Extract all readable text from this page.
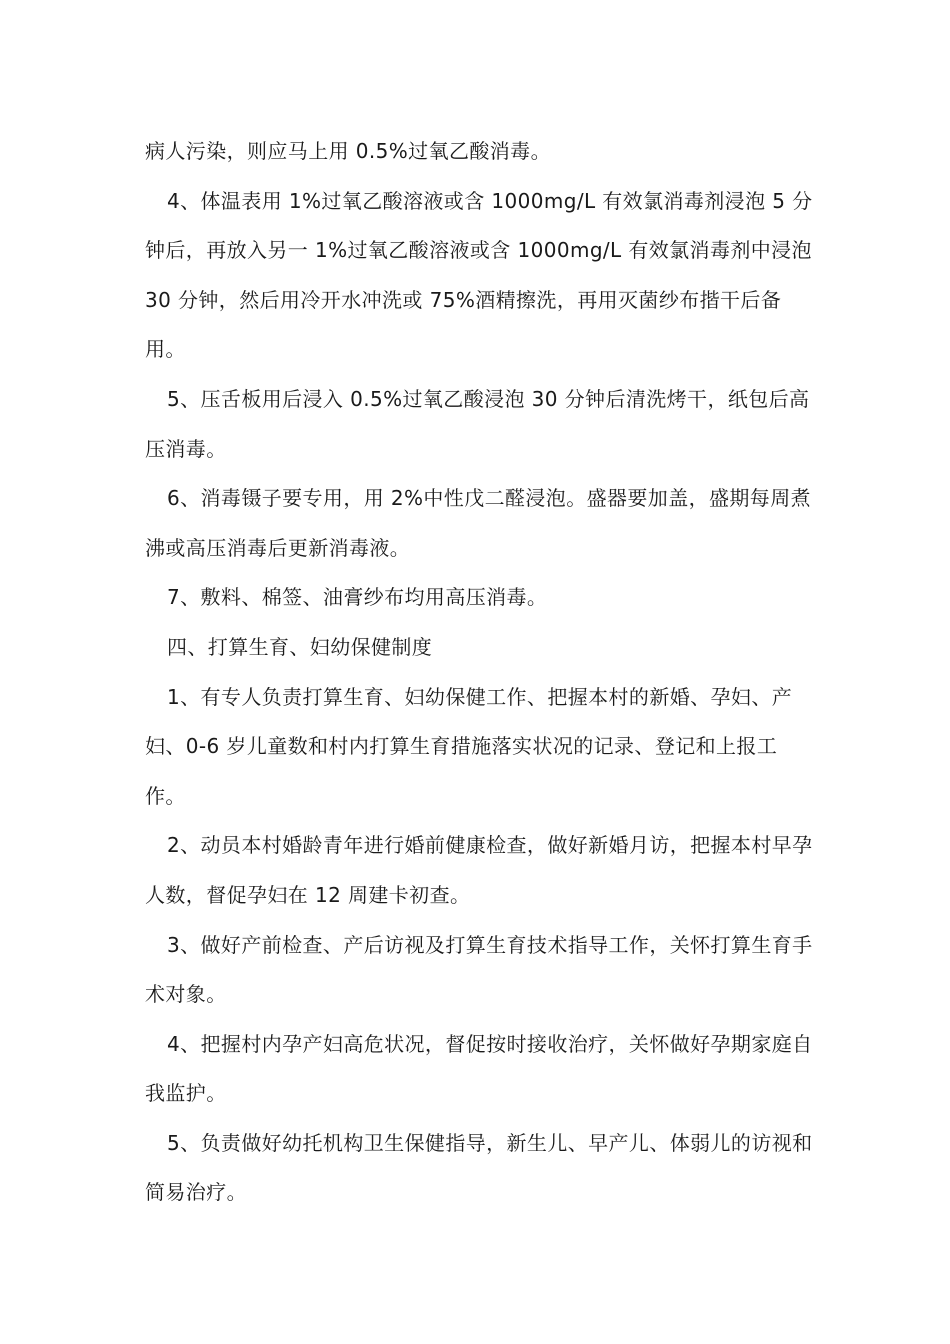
病人污染，则应马上用 0.5%过氧乙酸消毒。

4、体温表用 1%过氧乙酸溶液或含 1000mg/L 有效氯消毒剂浸泡 5 分钟后，再放入另一 1%过氧乙酸溶液或含 1000mg/L 有效氯消毒剂中浸泡 30 分钟，然后用冷开水冲洗或 75%酒精擦洗，再用灭菌纱布揩干后备用。

5、压舌板用后浸入 0.5%过氧乙酸浸泡 30 分钟后清洗烤干，纸包后高压消毒。

6、消毒镊子要专用，用 2%中性戊二醛浸泡。盛器要加盖，盛期每周煮沸或高压消毒后更新消毒液。

7、敷料、棉签、油膏纱布均用高压消毒。

四、打算生育、妇幼保健制度

1、有专人负责打算生育、妇幼保健工作、把握本村的新婚、孕妇、产妇、0-6 岁儿童数和村内打算生育措施落实状况的记录、登记和上报工作。

2、动员本村婚龄青年进行婚前健康检查，做好新婚月访，把握本村早孕人数，督促孕妇在 12 周建卡初查。

3、做好产前检查、产后访视及打算生育技术指导工作，关怀打算生育手术对象。

4、把握村内孕产妇高危状况，督促按时接收治疗，关怀做好孕期家庭自我监护。

5、负责做好幼托机构卫生保健指导，新生儿、早产儿、体弱儿的访视和简易治疗。
